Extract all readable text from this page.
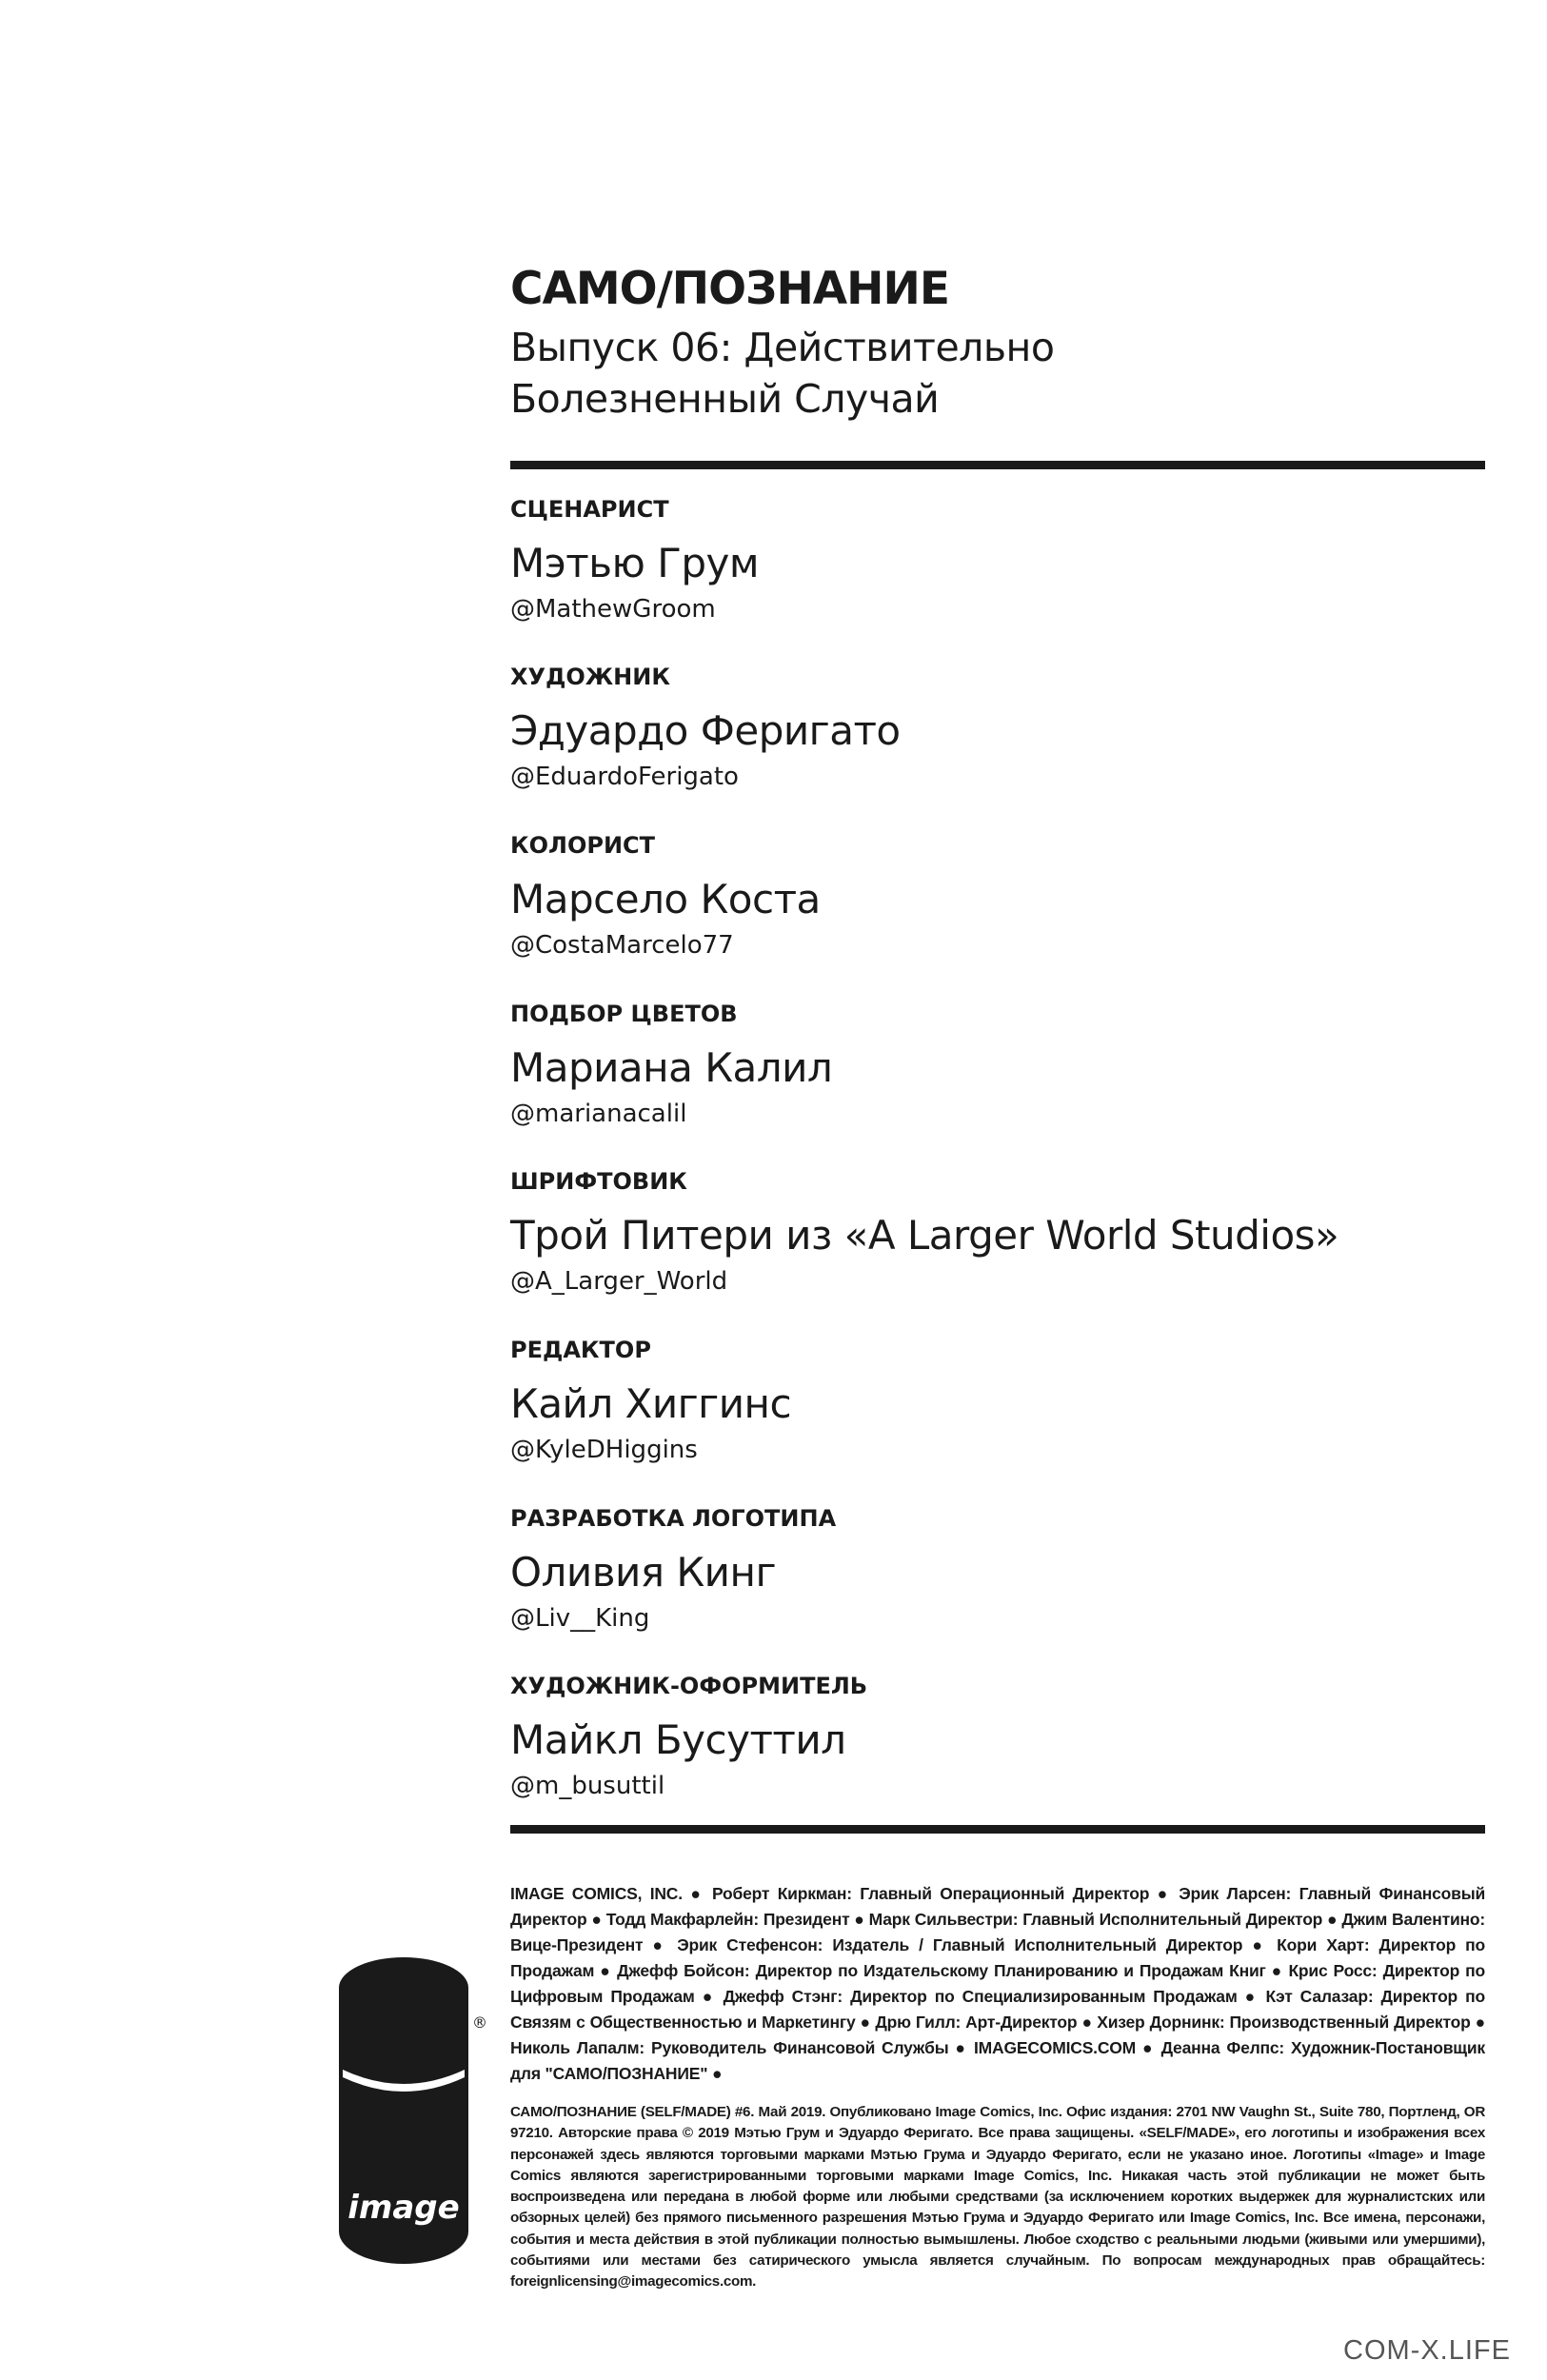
САМО/ПОЗНАНИЕ
Выпуск 06: Действительно
Болезненный Случай
СЦЕНАРИСТ
Мэтью Грум
@MathewGroom
ХУДОЖНИК
Эдуардо Феригато
@EduardoFerigato
КОЛОРИСТ
Марсело Коста
@CostaMarcelo77
ПОДБОР ЦВЕТОВ
Мариана Калил
@marianacalil
ШРИФТОВИК
Трой Питери из «A Larger World Studios»
@A_Larger_World
РЕДАКТОР
Кайл Хиггинс
@KyleDHiggins
РАЗРАБОТКА ЛОГОТИПА
Оливия Кинг
@Liv__King
ХУДОЖНИК-ОФОРМИТЕЛЬ
Майкл Бусуттил
@m_busuttil
image
®

IMAGE COMICS, INC. ● Роберт Киркман: Главный Операционный Директор ● Эрик Ларсен: Главный Финансовый Директор ● Тодд Макфарлейн: Президент ● Марк Сильвестри: Главный Исполнительный Директор ● Джим Валентино: Вице-Президент ● Эрик Стефенсон: Издатель / Главный Исполнительный Директор ● Кори Харт: Директор по Продажам ● Джефф Бойсон: Директор по Издательскому Планированию и Продажам Книг ● Крис Росс: Директор по Цифровым Продажам ● Джефф Стэнг: Директор по Специализированным Продажам ● Кэт Салазар: Директор по Связям с Общественностью и Маркетингу ● Дрю Гилл: Арт-Директор ● Хизер Дорнинк: Производственный Директор ● Николь Лапалм: Руководитель Финансовой Службы ● IMAGECOMICS.COM ● Деанна Фелпс: Художник-Постановщик для "САМО/ПОЗНАНИЕ" ●

САМО/ПОЗНАНИЕ (SELF/MADE) #6. Май 2019. Опубликовано Image Comics, Inc. Офис издания: 2701 NW Vaughn St., Suite 780, Портленд, OR 97210. Авторские права © 2019 Мэтью Грум и Эдуардо Феригато. Все права защищены. «SELF/MADE», его логотипы и изображения всех персонажей здесь являются торговыми марками Мэтью Грума и Эдуардо Феригато, если не указано иное. Логотипы «Image» и Image Comics являются зарегистрированными торговыми марками Image Comics, Inc. Никакая часть этой публикации не может быть воспроизведена или передана в любой форме или любыми средствами (за исключением коротких выдержек для журналистских или обзорных целей) без прямого письменного разрешения Мэтью Грума и Эдуардо Феригато или Image Comics, Inc. Все имена, персонажи, события и места действия в этой публикации полностью вымышлены. Любое сходство с реальными людьми (живыми или умершими), событиями или местами без сатирического умысла является случайным. По вопросам международных прав обращайтесь: foreignlicensing@imagecomics.com.

COM-X.LIFE
